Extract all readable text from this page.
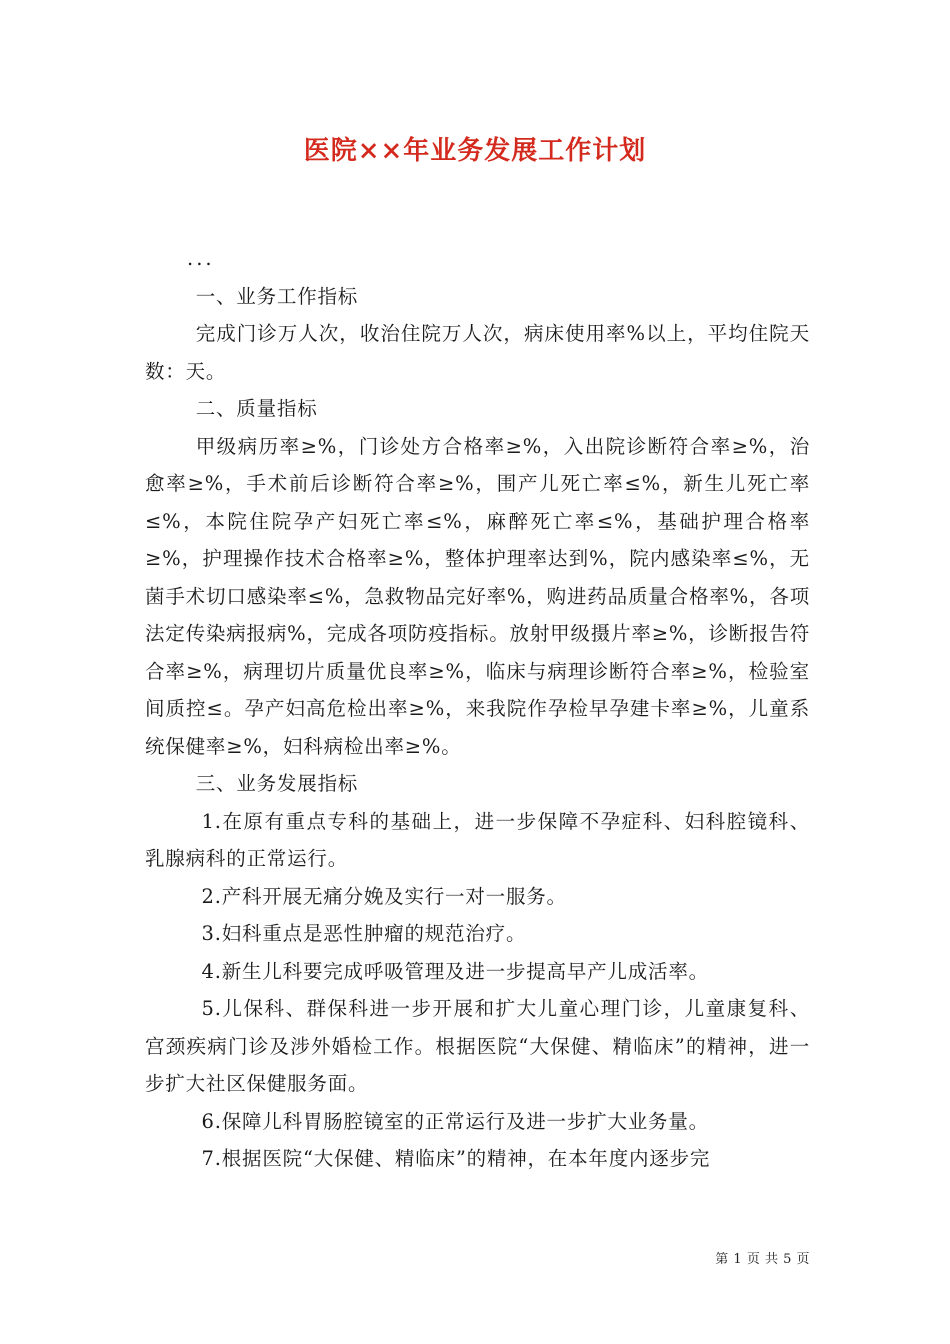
医院××年业务发展工作计划

...

一、业务工作指标

完成门诊万人次，收治住院万人次，病床使用率%以上，平均住院天数：天。

二、质量指标

甲级病历率≥%，门诊处方合格率≥%，入出院诊断符合率≥%，治愈率≥%，手术前后诊断符合率≥%，围产儿死亡率≤%，新生儿死亡率≤%，本院住院孕产妇死亡率≤%，麻醉死亡率≤%，基础护理合格率≥%，护理操作技术合格率≥%，整体护理率达到%，院内感染率≤%，无菌手术切口感染率≤%，急救物品完好率%，购进药品质量合格率%，各项法定传染病报病%，完成各项防疫指标。放射甲级摄片率≥%，诊断报告符合率≥%，病理切片质量优良率≥%，临床与病理诊断符合率≥%，检验室间质控≤。孕产妇高危检出率≥%，来我院作孕检早孕建卡率≥%，儿童系统保健率≥%，妇科病检出率≥%。

三、业务发展指标

1.在原有重点专科的基础上，进一步保障不孕症科、妇科腔镜科、乳腺病科的正常运行。

2.产科开展无痛分娩及实行一对一服务。

3.妇科重点是恶性肿瘤的规范治疗。

4.新生儿科要完成呼吸管理及进一步提高早产儿成活率。

5.儿保科、群保科进一步开展和扩大儿童心理门诊，儿童康复科、宫颈疾病门诊及涉外婚检工作。根据医院“大保健、精临床”的精神，进一步扩大社区保健服务面。

6.保障儿科胃肠腔镜室的正常运行及进一步扩大业务量。

7.根据医院“大保健、精临床”的精神，在本年度内逐步完

第 1 页 共 5 页
